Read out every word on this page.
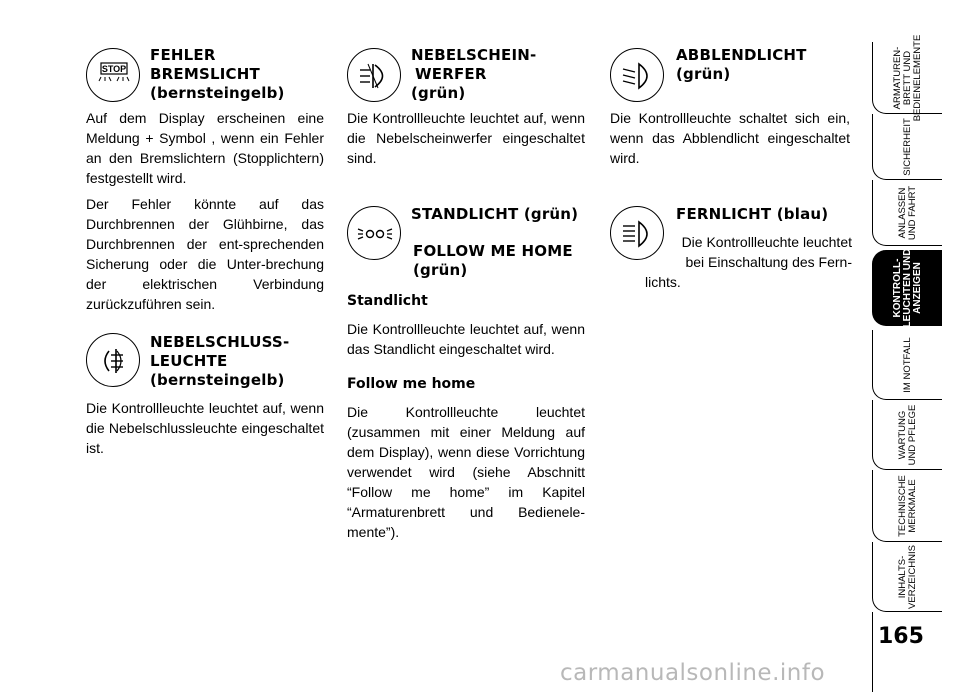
STOP
FEHLER
BREMSLICHT
(bernsteingelb)

Auf dem Display erscheinen eine Meldung + Symbol , wenn ein Fehler an den Bremslichtern (Stopplichtern) festgestellt wird.

Der Fehler könnte auf das Durchbrennen der Glühbirne, das Durchbrennen der ent-sprechenden Sicherung oder die Unter-brechung der elektrischen Verbindung zurückzuführen sein.

NEBELSCHLUSS-
LEUCHTE
(bernsteingelb)

Die Kontrollleuchte leuchtet auf, wenn die Nebelschlussleuchte eingeschaltet ist.

NEBELSCHEIN-
WERFER
(grün)

Die Kontrollleuchte leuchtet auf, wenn die Nebelscheinwerfer eingeschaltet sind.

STANDLICHT (grün)
FOLLOW ME HOME
(grün)
Standlicht
Die Kontrollleuchte leuchtet auf, wenn das Standlicht eingeschaltet wird.
Follow me home
Die Kontrollleuchte leuchtet (zusammen mit einer Meldung auf dem Display), wenn diese Vorrichtung verwendet wird (siehe Abschnitt “Follow me home” im Kapitel “Armaturenbrett und Bedienele-mente”).
ABBLENDLICHT
(grün)

Die Kontrollleuchte schaltet sich ein, wenn das Abblendlicht eingeschaltet wird.

FERNLICHT (blau)
Die Kontrollleuchte leuchtet
bei Einschaltung des Fern-
lichts.
ARMATUREN- BRETT UND BEDIENELEMENTE
SICHERHEIT
ANLASSEN UND FAHRT
KONTROLL- LEUCHTEN UND ANZEIGEN
IM NOTFALL
WARTUNG UND PFLEGE
TECHNISCHE MERKMALE
INHALTS- VERZEICHNIS
165
carmanualsonline.info
